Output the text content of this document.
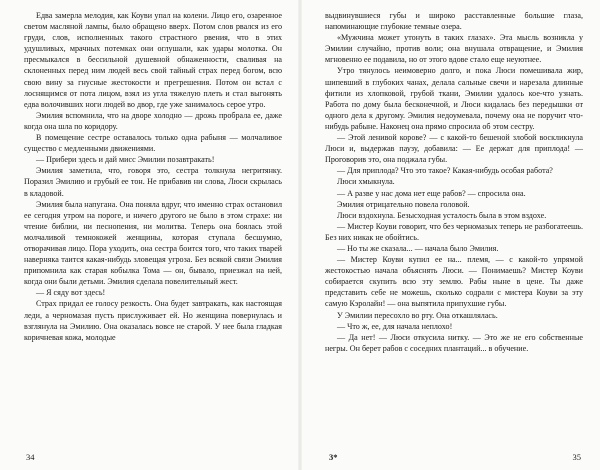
Едва замерла мелодия, как Коуви упал на колени. Лицо его, озаренное светом масляной лампы, было обращено вверх. Потом слов рвался из его груди, слов, исполненных такого страстного рвения, что в этих удушливых, мрачных потемках они оглушали, как удары молотка. Он пресмыкался в бессильной душевной обнаженности, сваливая на склоненных перед ним людей весь свой тайный страх перед богом, всю свою вину за гнусные жестокости и прегрешения. Потом он встал с лоснящимся от пота лицом, взял из угла тяжелую плеть и стал выгонять едва волочивших ноги людей во двор, где уже занималось серое утро.

Эмилия вспомнила, что на дворе холодно — дрожь пробрала ее, даже когда она шла по коридору.

В помещение сестре оставалось только одна рабыня — молчаливое существо с медленными движениями.

— Прибери здесь и дай мисс Эмилии позавтракать!

Эмилия заметила, что, говоря это, сестра толкнула негритянку. Поразил Эмилию и грубый ее тон. Не прибавив ни слова, Люси скрылась в кладовой.

Эмилия была напугана. Она поняла вдруг, что именно страх остановил ее сегодня утром на пороге, и ничего другого не было в этом страхе: ни чтение библии, ни песнопения, ни молитва. Теперь она боялась этой молчаливой темнокожей женщины, которая ступала бесшумно, отворачивая лицо. Пора уходить, она сестра боится того, что таких тварей наверняка таится какая-нибудь зловещая угроза. Без всякой связи Эмилия припомнила как старая кобылка Тома — он, бывало, приезжал на ней, когда они были детьми. Эмилия сделала повелительный жест.

— Я сяду вот здесь!

Страх придал ее голосу резкость. Она будет завтракать, как настоящая леди, а черномазая пусть прислуживает ей. Но женщина повернулась и взглянула на Эмилию. Она оказалась вовсе не старой. У нее была гладкая коричневая кожа, молодые

34

выдвинувшиеся губы и широко расставленные большие глаза, напоминающие глубокие темные озера.

«Мужчина может утонуть в таких глазах». Эта мысль возникла у Эмилии случайно, против воли; она внушала отвращение, и Эмилия мгновенно ее подавила, но от этого вдове стало еще неуютнее.

Утро тянулось неимоверно долго, и пока Люси помешивала жир, шипевший в глубоких чанах, делала сальные свечи и нарезала длинные фитили из хлопковой, грубой ткани, Эмилии удалось кое-что узнать. Работа по дому была бесконечной, и Люси кидалась без передышки от одного дела к другому. Эмилия недоумевала, почему она не поручит что-нибудь рабыне. Наконец она прямо спросила об этом сестру.

— Этой ленивой корове? — с какой-то бешеной злобой воскликнула Люси и, выдержав паузу, добавила: — Ее держат для приплода! — Проговорив это, она поджала губы.

— Для приплода? Что это такое? Какая-нибудь особая работа?

Люси хмыкнула.

— А разве у нас дома нет еще рабов? — спросила она.

Эмилия отрицательно повела головой.

Люси вздохнула. Безысходная усталость была в этом вздохе.

— Мистер Коуви говорит, что без черномазых теперь не разбогатеешь. Без них никак не обойтись.

— Но ты же сказала... — начала было Эмилия.

— Мистер Коуви купил ее на... племя, — с какой-то упрямой жестокостью начала объяснять Люси. — Понимаешь? Мистер Коуви собирается скупить всю эту землю. Рабы ныне в цене. Ты даже представить себе не можешь, сколько содрали с мистера Коуви за эту самую Кэролайн! — она выпятила припухшие губы.

У Эмилии пересохло во рту. Она откашлялась.

— Что ж, ее, для начала неплохо!

— Да нет! — Люси откусила нитку. — Это же не его собственные негры. Он берет рабов с соседних плантаций... в обучение.

3*	35
